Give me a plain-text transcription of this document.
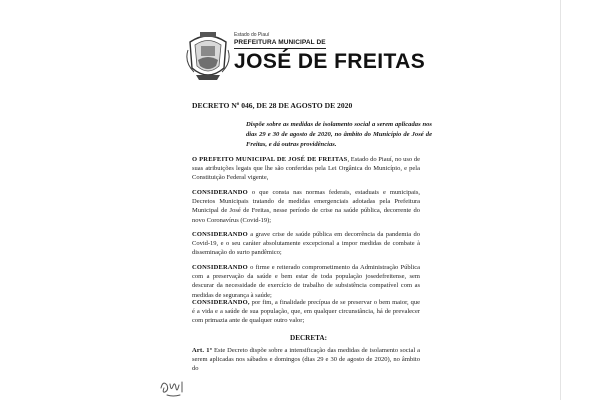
Estado do Piauí
PREFEITURA MUNICIPAL DE
JOSÉ DE FREITAS
DECRETO Nº 046, DE 28 DE AGOSTO DE 2020
Dispõe sobre as medidas de isolamento social a serem aplicadas nos dias 29 e 30 de agosto de 2020, no âmbito do Município de José de Freitas, e dá outras providências.
O PREFEITO MUNICIPAL DE JOSÉ DE FREITAS, Estado do Piauí, no uso de suas atribuições legais que lhe são conferidas pela Lei Orgânica do Município, e pela Constituição Federal vigente,
CONSIDERANDO o que consta nas normas federais, estaduais e municipais, Decretos Municipais tratando de medidas emergenciais adotadas pela Prefeitura Municipal de José de Freitas, nesse período de crise na saúde pública, decorrente do novo Coronavírus (Covid-19);
CONSIDERANDO a grave crise de saúde pública em decorrência da pandemia do Covid-19, e o seu caráter absolutamente excepcional a impor medidas de combate à disseminação do surto pandêmico;
CONSIDERANDO o firme e reiterado comprometimento da Administração Pública com a preservação da saúde e bem estar de toda população josedefreitense, sem descurar da necessidade de exercício de trabalho de subsistência compatível com as medidas de segurança à saúde;
CONSIDERANDO, por fim, a finalidade precípua de se preservar o bem maior, que é a vida e a saúde de sua população, que, em qualquer circunstância, há de prevalecer com primazia ante de qualquer outro valor;
DECRETA:
Art. 1º Este Decreto dispõe sobre a intensificação das medidas de isolamento social a serem aplicadas nos sábados e domingos (dias 29 e 30 de agosto de 2020), no âmbito do
